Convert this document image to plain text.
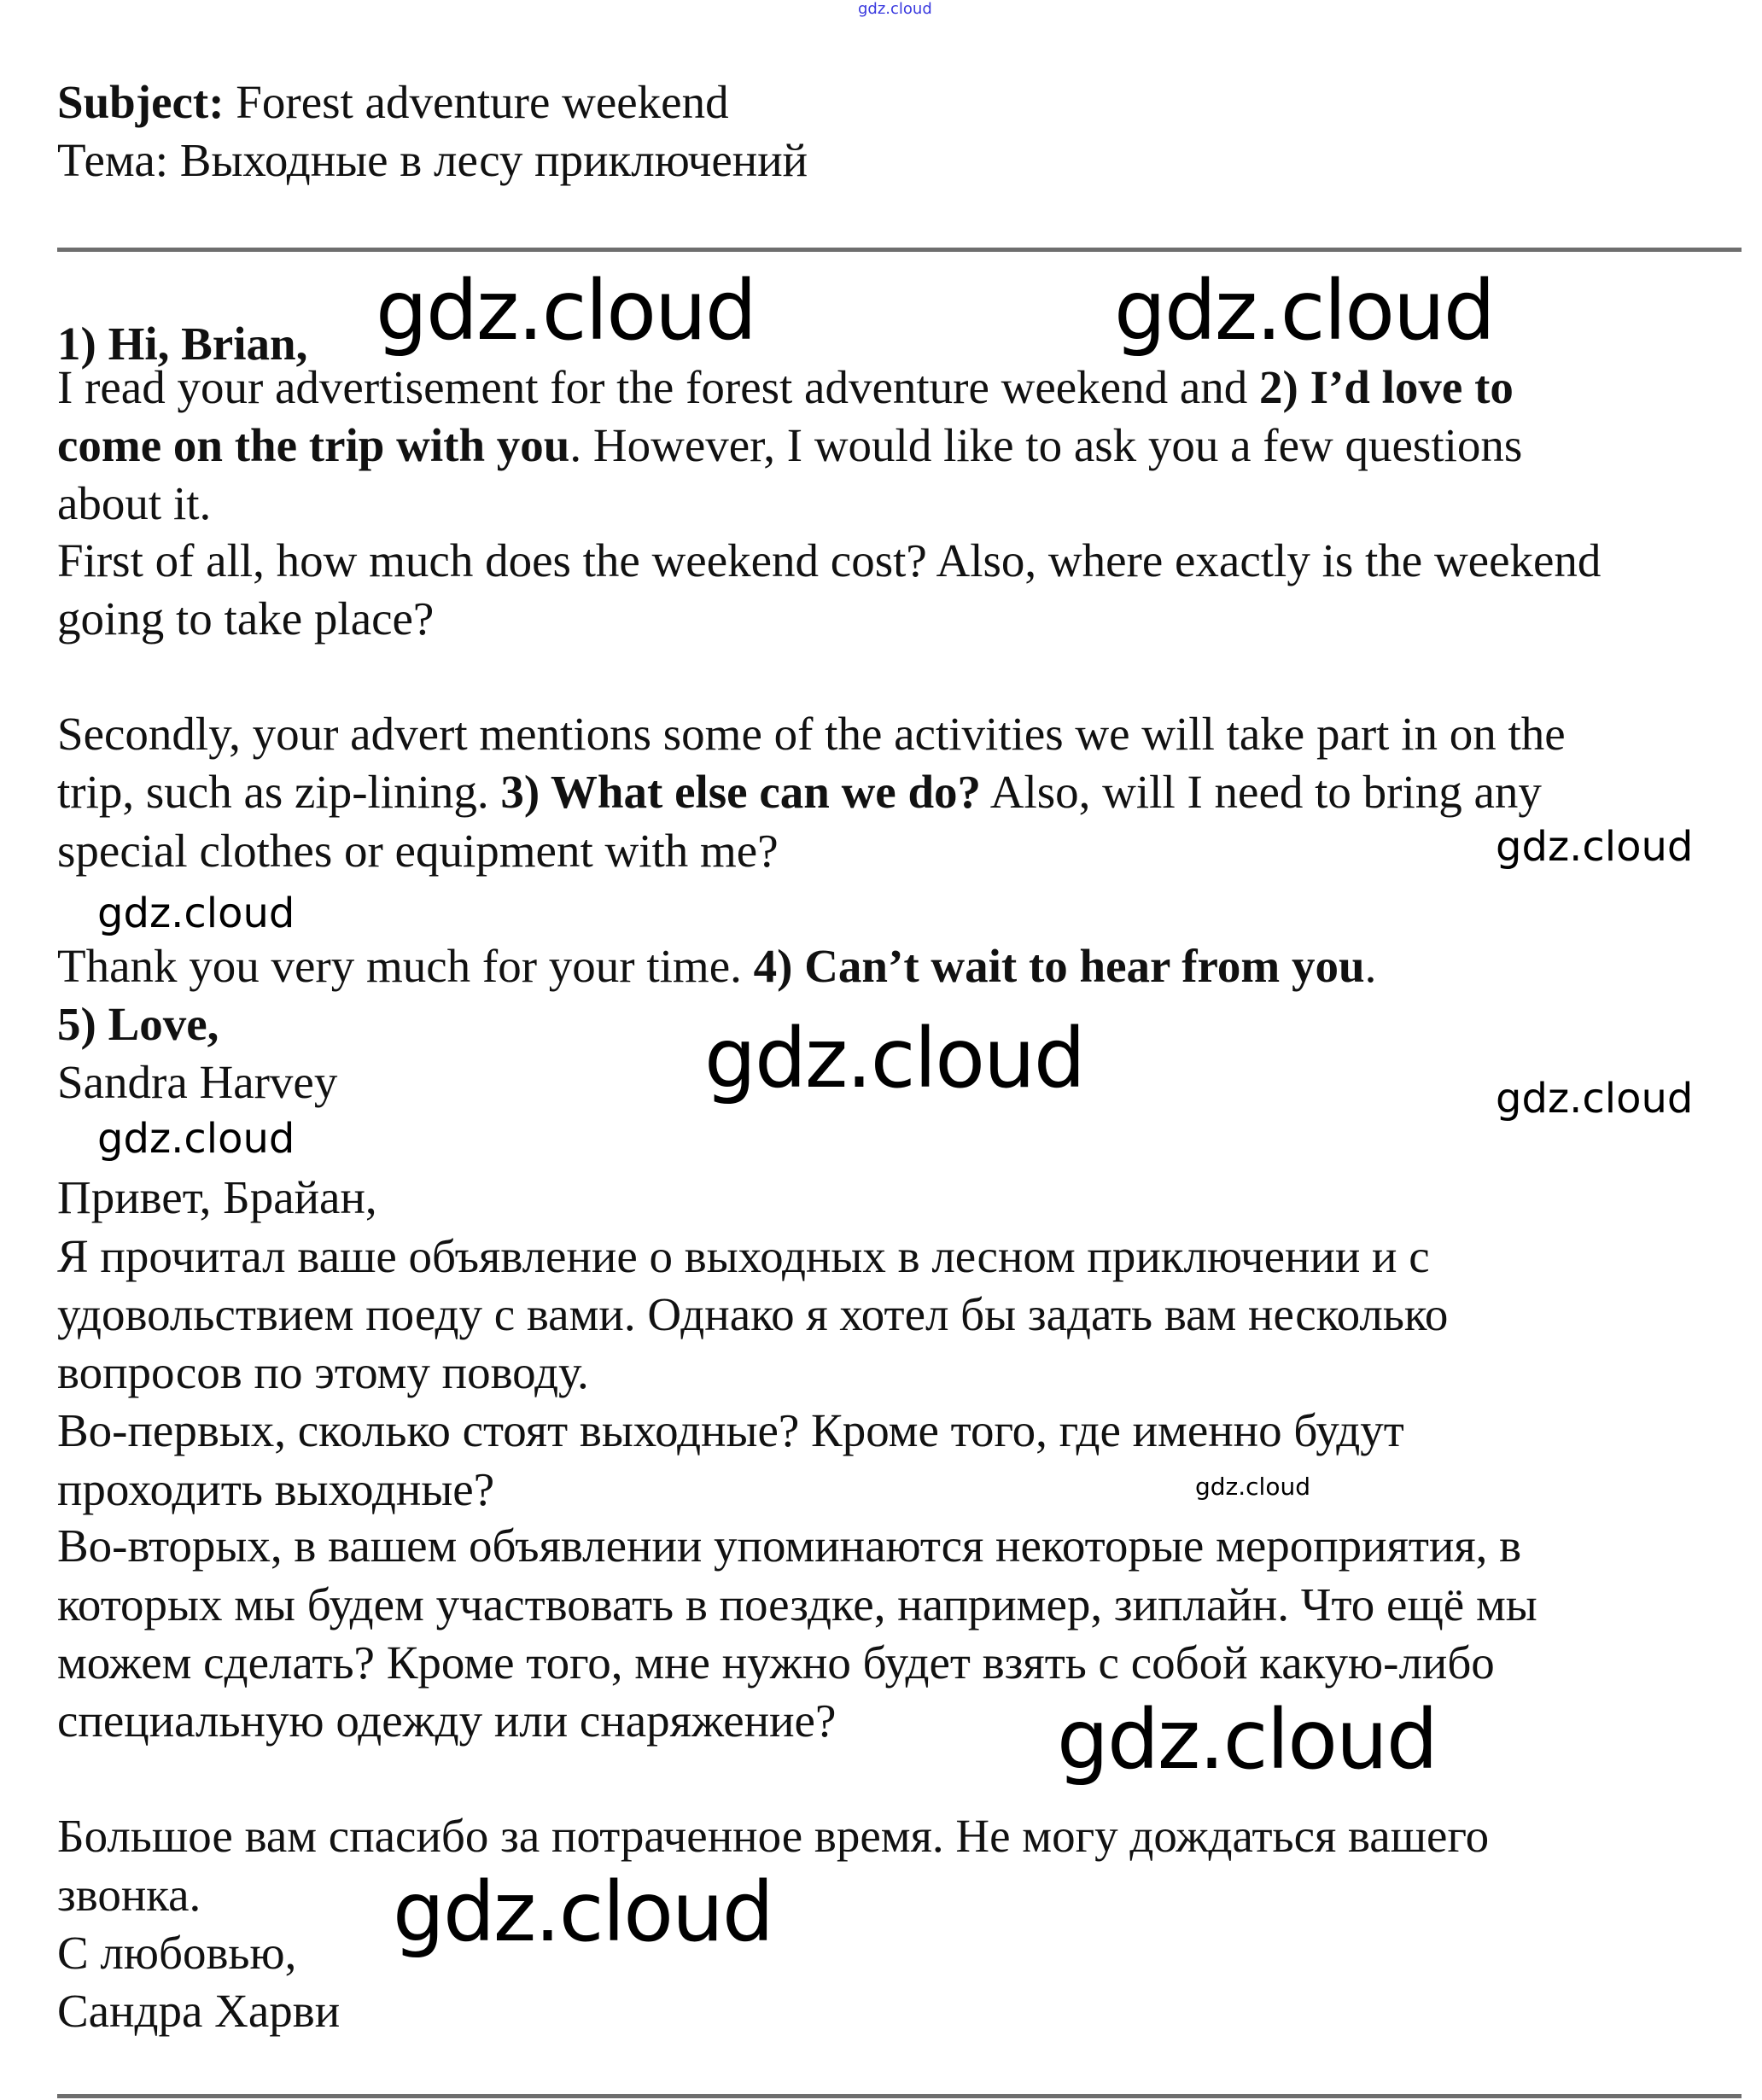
gdz.cloud
Subject: Forest adventure weekend
Тема: Выходные в лесу приключений
1) Hi, Brian,
I read your advertisement for the forest adventure weekend and 2) I’d love to
come on the trip with you. However, I would like to ask you a few questions
about it.
First of all, how much does the weekend cost? Also, where exactly is the weekend
going to take place?
Secondly, your advert mentions some of the activities we will take part in on the
trip, such as zip-lining. 3) What else can we do? Also, will I need to bring any
special clothes or equipment with me?
Thank you very much for your time. 4) Can’t wait to hear from you.
5) Love,
Sandra Harvey
Привет, Брайан,
Я прочитал ваше объявление о выходных в лесном приключении и с
удовольствием поеду с вами. Однако я хотел бы задать вам несколько
вопросов по этому поводу.
Во-первых, сколько стоят выходные? Кроме того, где именно будут
проходить выходные?
Во-вторых, в вашем объявлении упоминаются некоторые мероприятия, в
которых мы будем участвовать в поездке, например, зиплайн. Что ещё мы
можем сделать? Кроме того, мне нужно будет взять с собой какую-либо
специальную одежду или снаряжение?
Большое вам спасибо за потраченное время. Не могу дождаться вашего
звонка.
С любовью,
Сандра Харви
gdz.cloud	gdz.cloud
gdz.cloud
gdz.cloud
gdz.cloud	gdz.cloud
gdz.cloud
gdz.cloud
gdz.cloud
gdz.cloud
